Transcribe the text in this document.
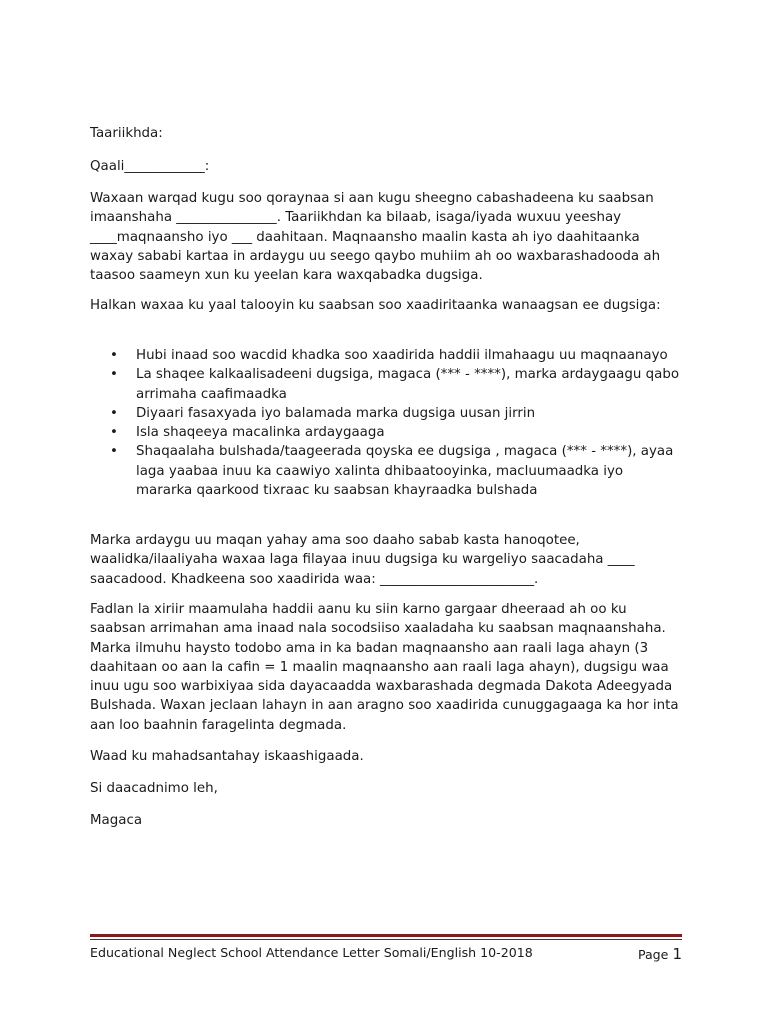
Taariikhda:

Qaali____________:

Waxaan warqad kugu soo qoraynaa si aan kugu sheegno cabashadeena ku saabsan imaanshaha _______________. Taariikhdan ka bilaab, isaga/iyada wuxuu yeeshay ____maqnaansho iyo ___ daahitaan. Maqnaansho maalin kasta ah iyo daahitaanka waxay sababi kartaa in ardaygu uu seego qaybo muhiim ah oo waxbarashadooda ah taasoo saameyn xun ku yeelan kara waxqabadka dugsiga.

Halkan waxaa ku yaal talooyin ku saabsan soo xaadiritaanka wanaagsan ee dugsiga:

• Hubi inaad soo wacdid khadka soo xaadirida haddii ilmahaagu uu maqnaanayo
• La shaqee kalkaalisadeeni dugsiga, magaca (*** - ****), marka ardaygaagu qabo arrimaha caafimaadka
• Diyaari fasaxyada iyo balamada marka dugsiga uusan jirrin
• Isla shaqeeya macalinka ardaygaaga
• Shaqaalaha bulshada/taageerada qoyska ee dugsiga , magaca (*** - ****), ayaa laga yaabaa inuu ka caawiyo xalinta dhibaatooyinka, macluumaadka iyo mararka qaarkood tixraac ku saabsan khayraadka bulshada

Marka ardaygu uu maqan yahay ama soo daaho sabab kasta hanoqotee, waalidka/ilaaliyaha waxaa laga filayaa inuu dugsiga ku wargeliyo saacadaha ____ saacadood. Khadkeena soo xaadirida waa: _______________________.

Fadlan la xiriir maamulaha haddii aanu ku siin karno gargaar dheeraad ah oo ku saabsan arrimahan ama inaad nala socodsiiso xaaladaha ku saabsan maqnaanshaha. Marka ilmuhu haysto todobo ama in ka badan maqnaansho aan raali laga ahayn (3 daahitaan oo aan la cafin = 1 maalin maqnaansho aan raali laga ahayn), dugsigu waa inuu ugu soo warbixiyaa sida dayacaadda waxbarashada degmada Dakota Adeegyada Bulshada. Waxan jeclaan lahayn in aan aragno soo xaadirida cunuggagaaga ka hor inta aan loo baahnin faragelinta degmada.

Waad ku mahadsantahay iskaashigaada.

Si daacadnimo leh,

Magaca

Educational Neglect School Attendance Letter Somali/English 10-2018	Page 1
